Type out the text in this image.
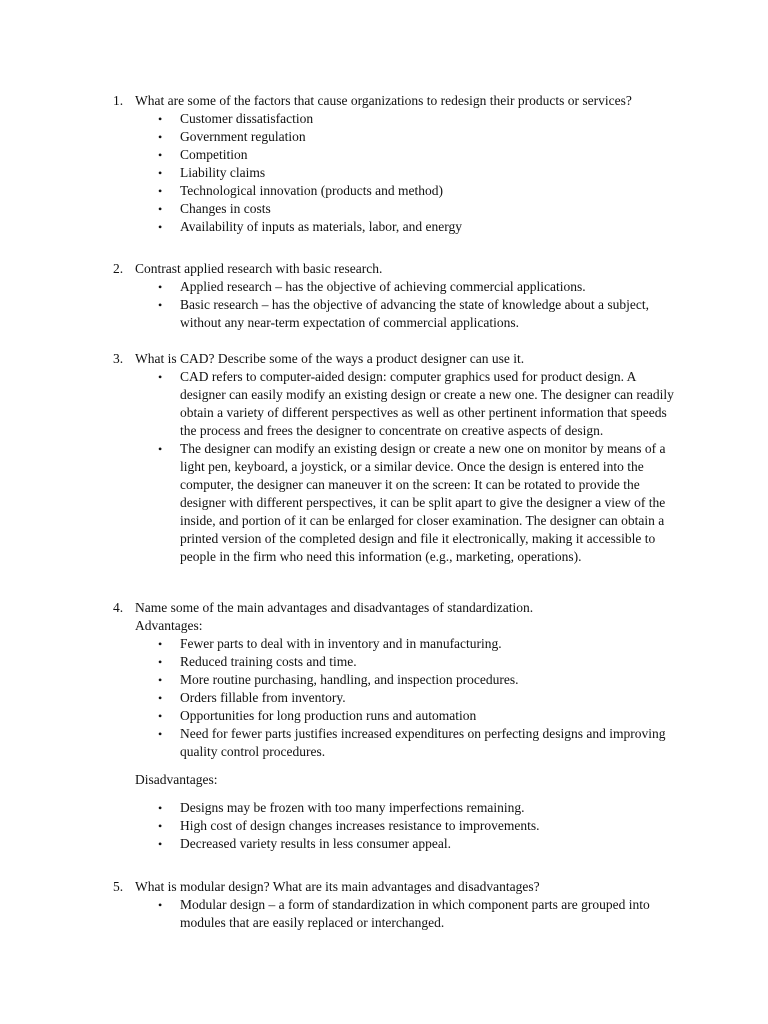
1. What are some of the factors that cause organizations to redesign their products or services?
• Customer dissatisfaction
• Government regulation
• Competition
• Liability claims
• Technological innovation (products and method)
• Changes in costs
• Availability of inputs as materials, labor, and energy
2. Contrast applied research with basic research.
• Applied research – has the objective of achieving commercial applications.
• Basic research – has the objective of advancing the state of knowledge about a subject, without any near-term expectation of commercial applications.
3. What is CAD? Describe some of the ways a product designer can use it.
• CAD refers to computer-aided design: computer graphics used for product design. A designer can easily modify an existing design or create a new one. The designer can readily obtain a variety of different perspectives as well as other pertinent information that speeds the process and frees the designer to concentrate on creative aspects of design.
• The designer can modify an existing design or create a new one on monitor by means of a light pen, keyboard, a joystick, or a similar device. Once the design is entered into the computer, the designer can maneuver it on the screen: It can be rotated to provide the designer with different perspectives, it can be split apart to give the designer a view of the inside, and portion of it can be enlarged for closer examination. The designer can obtain a printed version of the completed design and file it electronically, making it accessible to people in the firm who need this information (e.g., marketing, operations).
4. Name some of the main advantages and disadvantages of standardization.
Advantages:
• Fewer parts to deal with in inventory and in manufacturing.
• Reduced training costs and time.
• More routine purchasing, handling, and inspection procedures.
• Orders fillable from inventory.
• Opportunities for long production runs and automation
• Need for fewer parts justifies increased expenditures on perfecting designs and improving quality control procedures.
Disadvantages:
• Designs may be frozen with too many imperfections remaining.
• High cost of design changes increases resistance to improvements.
• Decreased variety results in less consumer appeal.
5. What is modular design? What are its main advantages and disadvantages?
• Modular design – a form of standardization in which component parts are grouped into modules that are easily replaced or interchanged.
